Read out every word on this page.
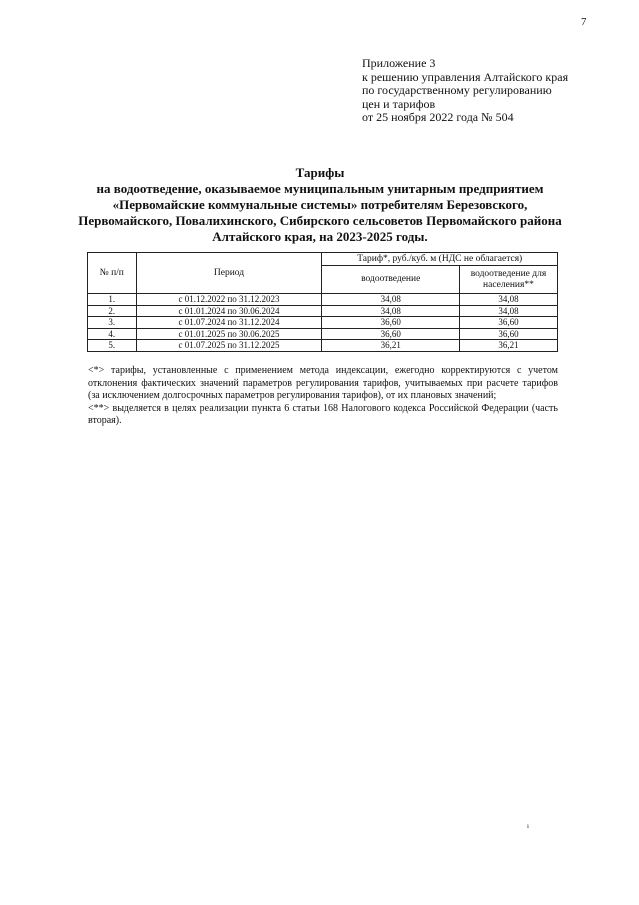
7
Приложение 3
к решению управления Алтайского края
по государственному регулированию
цен и тарифов
от 25 ноября 2022 года № 504
Тарифы
на водоотведение, оказываемое муниципальным унитарным предприятием
«Первомайские коммунальные системы» потребителям Березовского,
Первомайского, Повалихинского, Сибирского сельсоветов Первомайского района
Алтайского края, на 2023-2025 годы.
№ п/п	Период	Тариф*, руб./куб. м (НДС не облагается)	
		водоотведение	водоотведение для населения**
1.	с 01.12.2022 по 31.12.2023	34,08	34,08
2.	с 01.01.2024 по 30.06.2024	34,08	34,08
3.	с 01.07.2024 по 31.12.2024	36,60	36,60
4.	с 01.01.2025 по 30.06.2025	36,60	36,60
5.	с 01.07.2025 по 31.12.2025	36,21	36,21

<*> тарифы, установленные с применением метода индексации, ежегодно корректируются с учетом отклонения фактических значений параметров регулирования тарифов, учитываемых при расчете тарифов (за исключением долгосрочных параметров регулирования тарифов), от их плановых значений;

<**> выделяется в целях реализации пункта 6 статьи 168 Налогового кодекса Российской Федерации (часть вторая).

ı
